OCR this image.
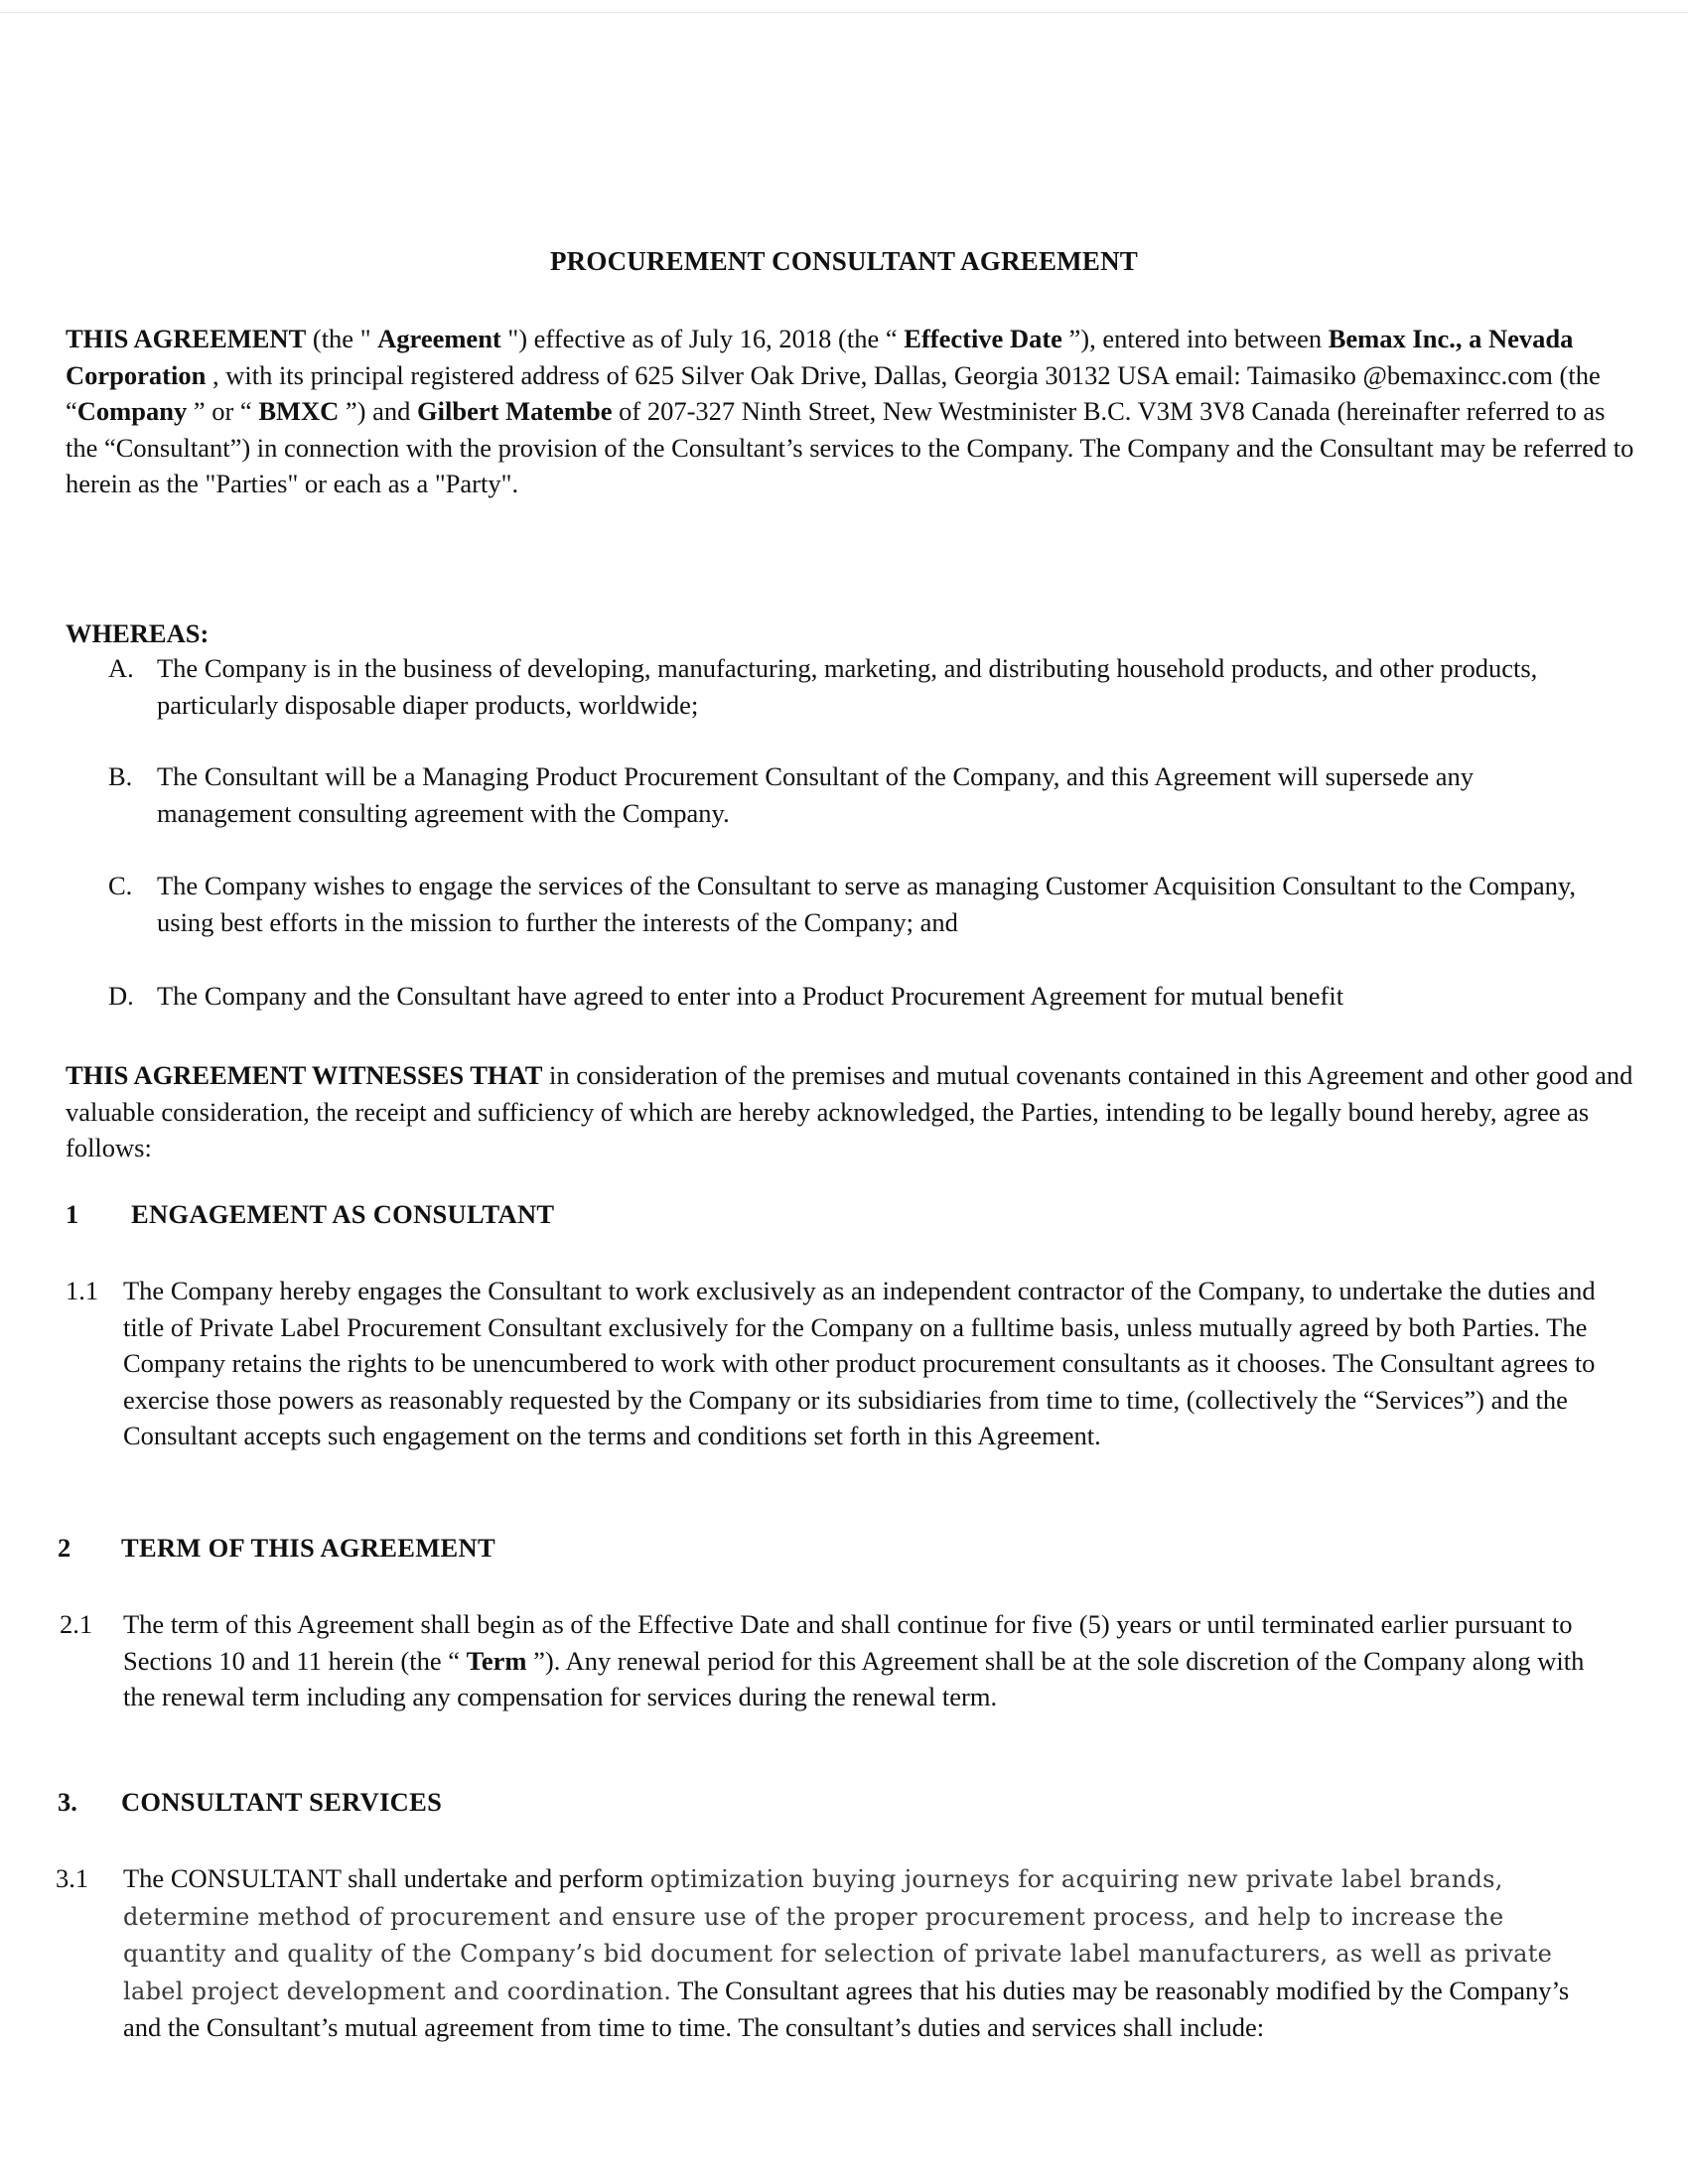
PROCUREMENT CONSULTANT AGREEMENT

THIS AGREEMENT (the " Agreement ") effective as of July 16, 2018 (the “ Effective Date ”), entered into between Bemax Inc., a Nevada Corporation , with its principal registered address of 625 Silver Oak Drive, Dallas, Georgia 30132 USA email: Taimasiko @bemaxincc.com (the “Company ” or “ BMXC ”) and Gilbert Matembe of 207-327 Ninth Street, New Westminister B.C. V3M 3V8 Canada (hereinafter referred to as the “Consultant”) in connection with the provision of the Consultant’s services to the Company. The Company and the Consultant may be referred to herein as the "Parties" or each as a "Party".

WHEREAS:
A. The Company is in the business of developing, manufacturing, marketing, and distributing household products, and other products, particularly disposable diaper products, worldwide;
B. The Consultant will be a Managing Product Procurement Consultant of the Company, and this Agreement will supersede any management consulting agreement with the Company.
C. The Company wishes to engage the services of the Consultant to serve as managing Customer Acquisition Consultant to the Company, using best efforts in the mission to further the interests of the Company; and
D. The Company and the Consultant have agreed to enter into a Product Procurement Agreement for mutual benefit

THIS AGREEMENT WITNESSES THAT in consideration of the premises and mutual covenants contained in this Agreement and other good and valuable consideration, the receipt and sufficiency of which are hereby acknowledged, the Parties, intending to be legally bound hereby, agree as follows:

1 ENGAGEMENT AS CONSULTANT
1.1 The Company hereby engages the Consultant to work exclusively as an independent contractor of the Company, to undertake the duties and title of Private Label Procurement Consultant exclusively for the Company on a fulltime basis, unless mutually agreed by both Parties. The Company retains the rights to be unencumbered to work with other product procurement consultants as it chooses. The Consultant agrees to exercise those powers as reasonably requested by the Company or its subsidiaries from time to time, (collectively the “Services”) and the Consultant accepts such engagement on the terms and conditions set forth in this Agreement.
2 TERM OF THIS AGREEMENT
2.1 The term of this Agreement shall begin as of the Effective Date and shall continue for five (5) years or until terminated earlier pursuant to Sections 10 and 11 herein (the “ Term ”). Any renewal period for this Agreement shall be at the sole discretion of the Company along with the renewal term including any compensation for services during the renewal term.
3. CONSULTANT SERVICES
3.1 The CONSULTANT shall undertake and perform optimization buying journeys for acquiring new private label brands, determine method of procurement and ensure use of the proper procurement process, and help to increase the quantity and quality of the Company’s bid document for selection of private label manufacturers, as well as private label project development and coordination. The Consultant agrees that his duties may be reasonably modified by the Company’s and the Consultant’s mutual agreement from time to time. The consultant’s duties and services shall include:
